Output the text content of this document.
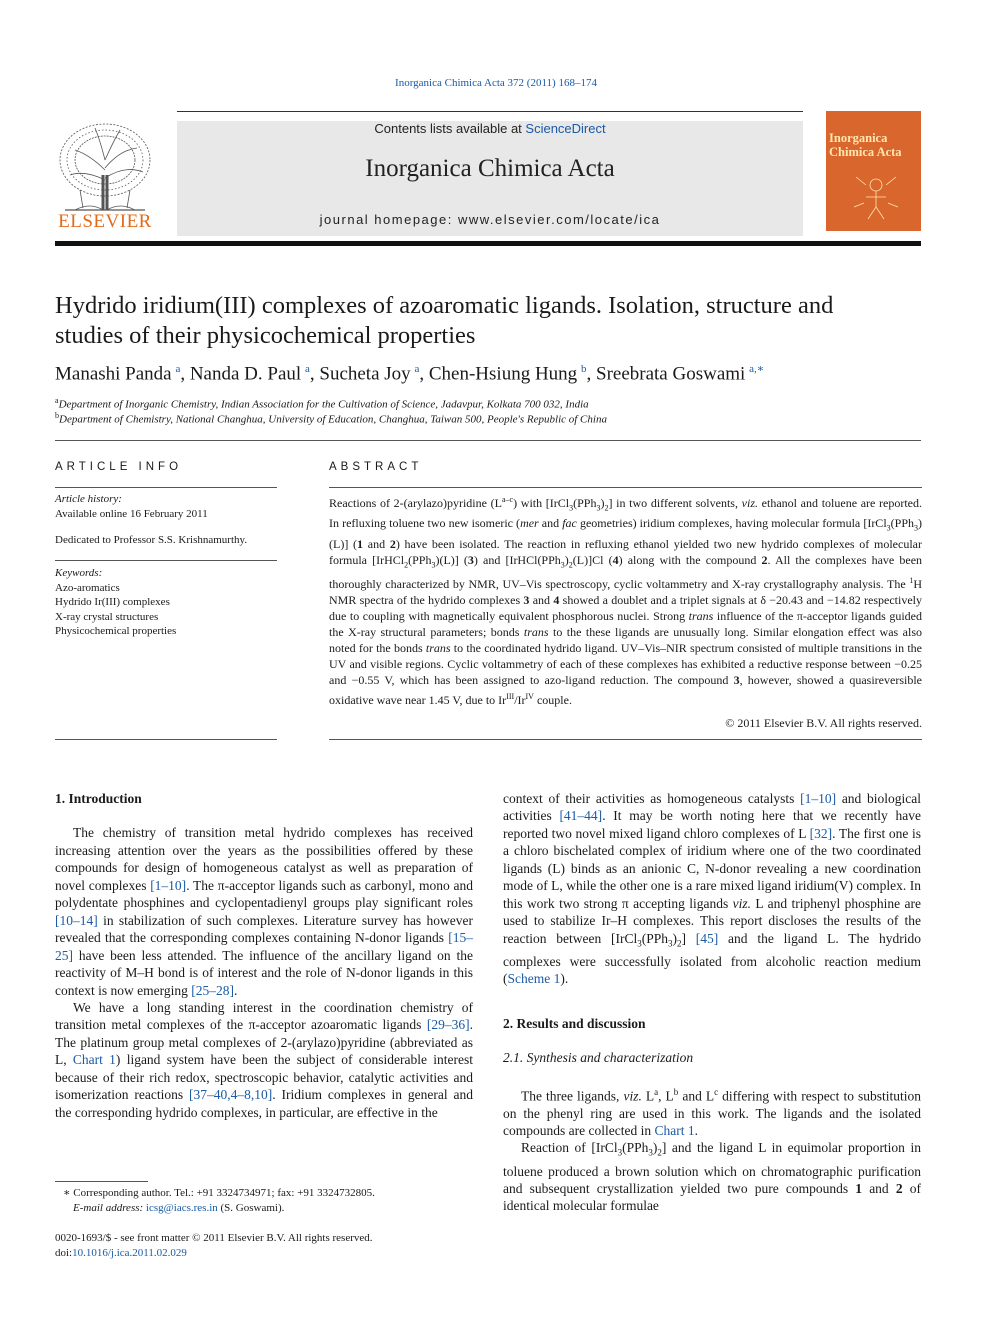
Inorganica Chimica Acta 372 (2011) 168–174
ELSEVIER
Contents lists available at ScienceDirect
Inorganica Chimica Acta
journal homepage: www.elsevier.com/locate/ica
Inorganica
Chimica Acta
Hydrido iridium(III) complexes of azoaromatic ligands. Isolation, structure and
studies of their physicochemical properties
Manashi Panda  $^a$, Nanda D. Paul  $^a$, Sucheta Joy  $^a$, Chen-Hsiung Hung  $^b$, Sreebrata Goswami  $^{a,∗}$
$^a$Department of Inorganic Chemistry, Indian Association for the Cultivation of Science, Jadavpur, Kolkata 700 032, India
$^b$Department of Chemistry, National Changhua, University of Education, Changhua, Taiwan 500, People's Republic of China
ARTICLE INFO
Article history:
Available online 16 February 2011
Dedicated to Professor S.S. Krishnamurthy.
Keywords:
Azo-aromatics
Hydrido Ir(III) complexes
X-ray crystal structures
Physicochemical properties
ABSTRACT
Reactions of 2-(arylazo)pyridine $(L^{a-c})$ with $[IrCl_3(PPh_3)_2]$ in two different solvents, viz. ethanol and toluene are reported. In refluxing toluene two new isomeric (mer and fac geometries) iridium complexes, having molecular formula [IrCl$_3$(PPh$_3$)(L)] (1 and 2) have been isolated. The reaction in refluxing ethanol yielded two new hydrido complexes of molecular formula [IrHCl$_2$(PPh$_3$)(L)] (3) and $[IrHCl(PPh_3)_2(L)]Cl$ (4) along with the compound 2. All the complexes have been thoroughly characterized by NMR, UV–Vis spectroscopy, cyclic voltammetry and X-ray crystallography analysis. The $^1$H NMR spectra of the hydrido complexes 3 and 4 showed a doublet and a triplet signals at δ −20.43 and −14.82 respectively due to coupling with magnetically equivalent phosphorous nuclei. Strong trans influence of the π-acceptor ligands guided the X-ray structural parameters; bonds trans to the these ligands are unusually long. Similar elongation effect was also noted for the bonds trans to the coordinated hydrido ligand. UV–Vis–NIR spectrum consisted of multiple transitions in the UV and visible regions. Cyclic voltammetry of each of these complexes has exhibited a reductive response between −0.25 and −0.55 V, which has been assigned to azo-ligand reduction. The compound 3, however, showed a quasireversible oxidative wave near 1.45 V, due to $Ir^{III}/Ir^{IV}$ couple.
© 2011 Elsevier B.V. All rights reserved.

1. Introduction

The chemistry of transition metal hydrido complexes has received increasing attention over the years as the possibilities offered by these compounds for design of homogeneous catalyst as well as preparation of novel complexes [1–10]. The π-acceptor ligands such as carbonyl, mono and polydentate phosphines and cyclopentadienyl groups play significant roles [10–14] in stabilization of such complexes. Literature survey has however revealed that the corresponding complexes containing N-donor ligands [15–25] have been less attended. The influence of the ancillary ligand on the reactivity of M–H bond is of interest and the role of N-donor ligands in this context is now emerging [25–28].

We have a long standing interest in the coordination chemistry of transition metal complexes of the π-acceptor azoaromatic ligands [29–36]. The platinum group metal complexes of 2-(arylazo)pyridine (abbreviated as L, Chart 1) ligand system have been the subject of considerable interest because of their rich redox, spectroscopic behavior, catalytic activities and isomerization reactions [37–40,4–8,10]. Iridium complexes in general and the corresponding hydrido complexes, in particular, are effective in the

∗ Corresponding author. Tel.: +91 3324734971; fax: +91 3324732805.
E-mail address: icsg@iacs.res.in (S. Goswami).
0020-1693/$ - see front matter © 2011 Elsevier B.V. All rights reserved.
doi:10.1016/j.ica.2011.02.029

context of their activities as homogeneous catalysts [1–10] and biological activities [41–44]. It may be worth noting here that we recently have reported two novel mixed ligand chloro complexes of L [32]. The first one is a chloro bischelated complex of iridium where one of the two coordinated ligands (L) binds as an anionic C, N-donor revealing a new coordination mode of L, while the other one is a rare mixed ligand iridium(V) complex. In this work two strong π accepting ligands viz. L and triphenyl phosphine are used to stabilize Ir–H complexes. This report discloses the results of the reaction between $[IrCl_3(PPh_3)_2]$ [45] and the ligand L. The hydrido complexes were successfully isolated from alcoholic reaction medium (Scheme 1).

2. Results and discussion

2.1. Synthesis and characterization

The three ligands, viz. $L^a$, $L^b$ and $L^c$ differing with respect to substitution on the phenyl ring are used in this work. The ligands and the isolated compounds are collected in Chart 1.

Reaction of $[IrCl_3(PPh_3)_2]$ and the ligand L in equimolar proportion in toluene produced a brown solution which on chromatographic purification and subsequent crystallization yielded two pure compounds 1 and 2 of identical molecular formulae
